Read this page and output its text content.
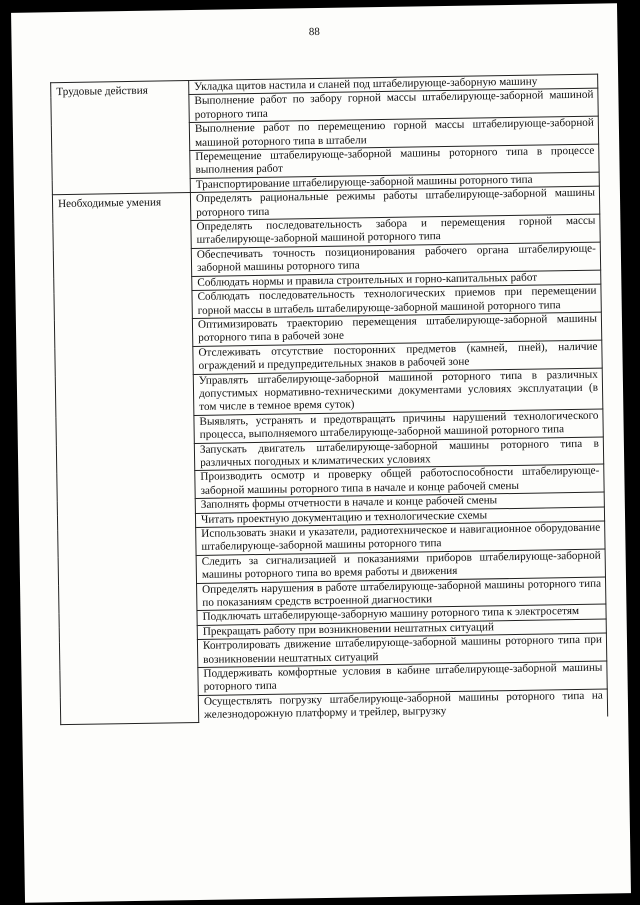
88
Трудовые действия	Укладка щитов настила и сланей под штабелирующе-заборную машину
	Выполнение работ по забору горной массы штабелирующе-заборной машиной роторного типа
	Выполнение работ по перемещению горной массы штабелирующе-заборной машиной роторного типа в штабели
	Перемещение штабелирующе-заборной машины роторного типа в процессе выполнения работ
	Транспортирование штабелирующе-заборной машины роторного типа
Необходимые умения	Определять рациональные режимы работы штабелирующе-заборной машины роторного типа
	Определять последовательность забора и перемещения горной массы штабелирующе-заборной машиной роторного типа
	Обеспечивать точность позиционирования рабочего органа штабелирующе-заборной машины роторного типа
	Соблюдать нормы и правила строительных и горно-капитальных работ
	Соблюдать последовательность технологических приемов при перемещении горной массы в штабель штабелирующе-заборной машиной роторного типа
	Оптимизировать траекторию перемещения штабелирующе-заборной машины роторного типа в рабочей зоне
	Отслеживать отсутствие посторонних предметов (камней, пней), наличие ограждений и предупредительных знаков в рабочей зоне
	Управлять штабелирующе-заборной машиной роторного типа в различных допустимых нормативно-техническими документами условиях эксплуатации (в том числе в темное время суток)
	Выявлять, устранять и предотвращать причины нарушений технологического процесса, выполняемого штабелирующе-заборной машиной роторного типа
	Запускать двигатель штабелирующе-заборной машины роторного типа в различных погодных и климатических условиях
	Производить осмотр и проверку общей работоспособности штабелирующе-заборной машины роторного типа в начале и конце рабочей смены
	Заполнять формы отчетности в начале и конце рабочей смены
	Читать проектную документацию и технологические схемы
	Использовать знаки и указатели, радиотехническое и навигационное оборудование штабелирующе-заборной машины роторного типа
	Следить за сигнализацией и показаниями приборов штабелирующе-заборной машины роторного типа во время работы и движения
	Определять нарушения в работе штабелирующе-заборной машины роторного типа по показаниям средств встроенной диагностики
	Подключать штабелирующе-заборную машину роторного типа к электросетям
	Прекращать работу при возникновении нештатных ситуаций
	Контролировать движение штабелирующе-заборной машины роторного типа при возникновении нештатных ситуаций
	Поддерживать комфортные условия в кабине штабелирующе-заборной машины роторного типа
	Осуществлять погрузку штабелирующе-заборной машины роторного типа на железнодорожную платформу и трейлер, выгрузку
